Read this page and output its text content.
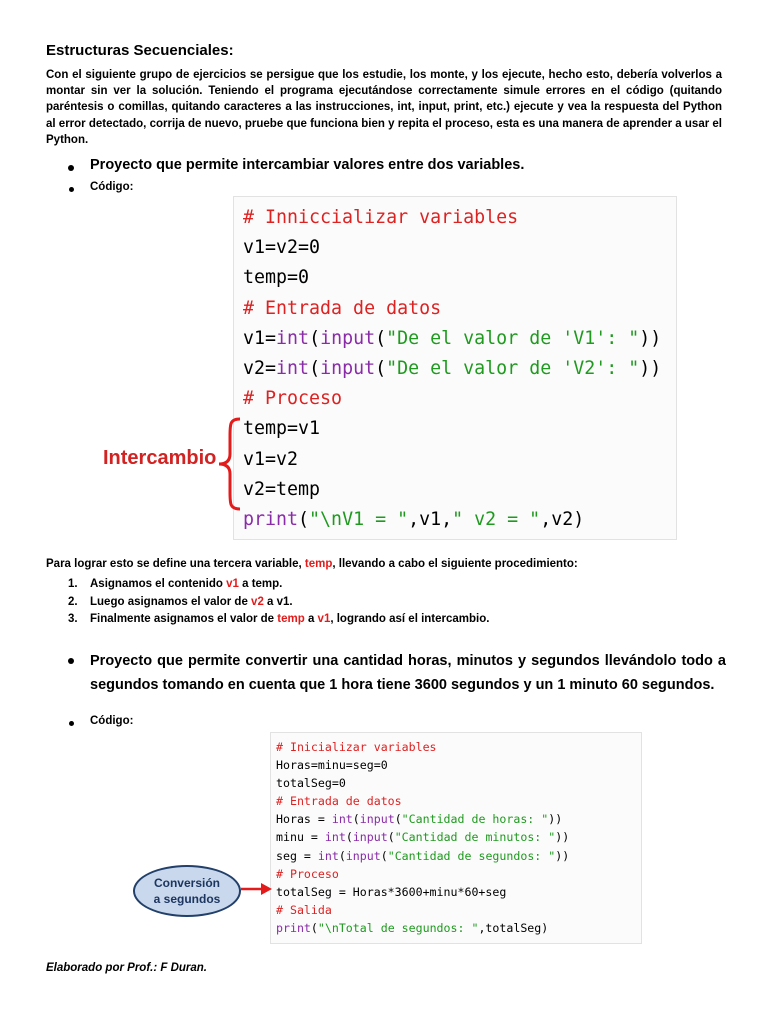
Estructuras Secuenciales:
Con el siguiente grupo de ejercicios se persigue que los estudie, los monte, y los ejecute, hecho esto, debería volverlos a montar sin ver la solución. Teniendo el programa ejecutándose correctamente simule errores en el código (quitando paréntesis o comillas, quitando caracteres a las instrucciones, int, input, print, etc.) ejecute y vea la respuesta del Python al error detectado, corrija de nuevo, pruebe que funciona bien y repita el proceso, esta es una manera de aprender a usar el Python.
Proyecto que permite intercambiar valores entre dos variables.
Código:
# Inniccializar variables
v1=v2=0
temp=0
# Entrada de datos
v1=int(input("De el valor de 'V1': "))
v2=int(input("De el valor de 'V2': "))
# Proceso
temp=v1
v1=v2
v2=temp
print("\nV1 = ",v1," v2 = ",v2)
Intercambio
Para lograr esto se define una tercera variable, temp, llevando a cabo el siguiente procedimiento:
1. Asignamos el contenido v1 a temp.
2. Luego asignamos el valor de v2 a v1.
3. Finalmente asignamos el valor de temp a v1, logrando así el intercambio.
Proyecto que permite convertir una cantidad horas, minutos y segundos llevándolo todo a segundos tomando en cuenta que 1 hora tiene 3600 segundos y un 1 minuto 60 segundos.
Código:
# Inicializar variables
Horas=minu=seg=0
totalSeg=0
# Entrada de datos
Horas = int(input("Cantidad de horas: "))
minu = int(input("Cantidad de minutos: "))
seg = int(input("Cantidad de segundos: "))
# Proceso
totalSeg = Horas*3600+minu*60+seg
# Salida
print("\nTotal de segundos: ",totalSeg)
Conversión
a segundos
Elaborado por Prof.: F Duran.
